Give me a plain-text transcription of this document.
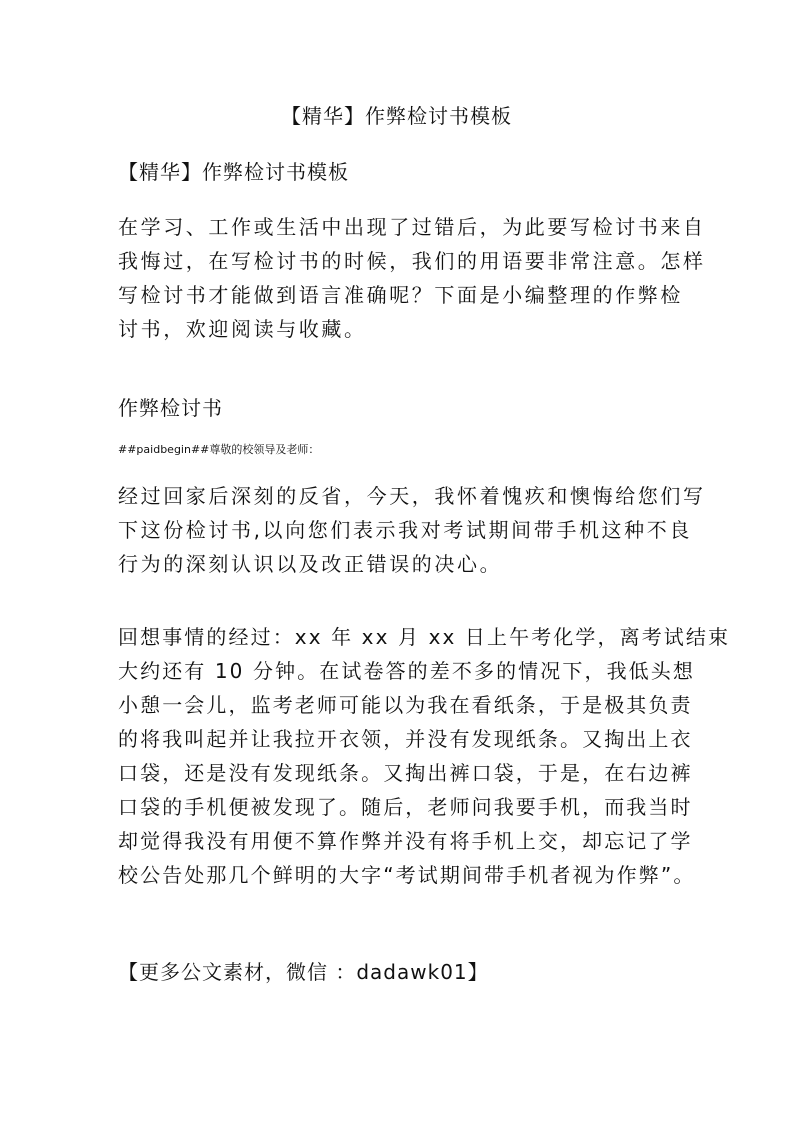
【精华】作弊检讨书模板
【精华】作弊检讨书模板

在学习、工作或生活中出现了过错后，为此要写检讨书来自
我悔过，在写检讨书的时候，我们的用语要非常注意。怎样
写检讨书才能做到语言准确呢？下面是小编整理的作弊检
讨书，欢迎阅读与收藏。

作弊检讨书

##paidbegin##尊敬的校领导及老师：

经过回家后深刻的反省，今天，我怀着愧疚和懊悔给您们写
下这份检讨书,以向您们表示我对考试期间带手机这种不良
行为的深刻认识以及改正错误的决心。

回想事情的经过：xx 年 xx 月 xx 日上午考化学，离考试结束
大约还有 10 分钟。在试卷答的差不多的情况下，我低头想
小憩一会儿，监考老师可能以为我在看纸条，于是极其负责
的将我叫起并让我拉开衣领，并没有发现纸条。又掏出上衣
口袋，还是没有发现纸条。又掏出裤口袋，于是，在右边裤
口袋的手机便被发现了。随后，老师问我要手机，而我当时
却觉得我没有用便不算作弊并没有将手机上交，却忘记了学
校公告处那几个鲜明的大字“考试期间带手机者视为作弊”。

【更多公文素材，微信 ：dadawk01】
